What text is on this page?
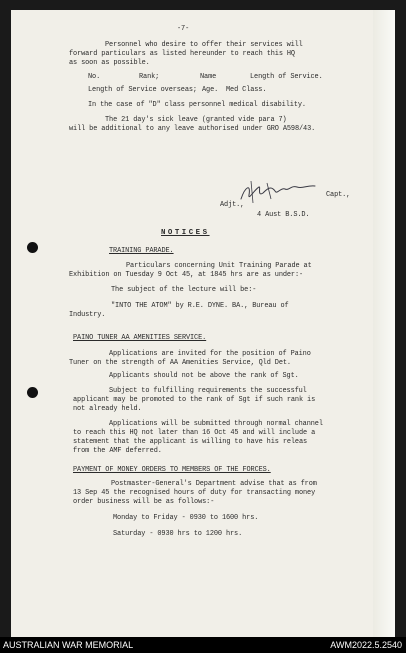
-7-
Personnel who desire to offer their services will
forward particulars as listed hereunder to reach this HQ
as soon as possible.
No.	Rank;	Name	Length of Service.
Length of Service overseas; Age. Med Class.
In the case of "D" class personnel medical disability.
The 21 day's sick leave (granted vide para 7)
will be additional to any leave authorised under GRO A598/43.
Capt.,
Adjt.,
4 Aust B.S.D.
NOTICES
TRAINING PARADE.
Particulars concerning Unit Training Parade at
Exhibition on Tuesday 9 Oct 45, at 1845 hrs are as under:-
The subject of the lecture will be:-
"INTO THE ATOM" by R.E. DYNE. BA., Bureau of
Industry.
PAINO TUNER AA AMENITIES SERVICE.
Applications are invited for the position of Paino
Tuner on the strength of AA Amenities Service, Qld Det.
Applicants should not be above the rank of Sgt.
Subject to fulfilling requirements the successful
applicant may be promoted to the rank of Sgt if such rank is
not already held.
Applications will be submitted through normal channel
to reach this HQ not later than 16 Oct 45 and will include a
statement that the applicant is willing to have his releas
from the AMF deferred.
PAYMENT OF MONEY ORDERS TO MEMBERS OF THE FORCES.
Postmaster-General's Department advise that as from
13 Sep 45 the recognised hours of duty for transacting money
order business will be as follows:-
Monday to Friday - 0930 to 1600 hrs.
Saturday - 0930 hrs to 1200 hrs.
AUSTRALIAN WAR MEMORIAL	AWM2022.5.2540
